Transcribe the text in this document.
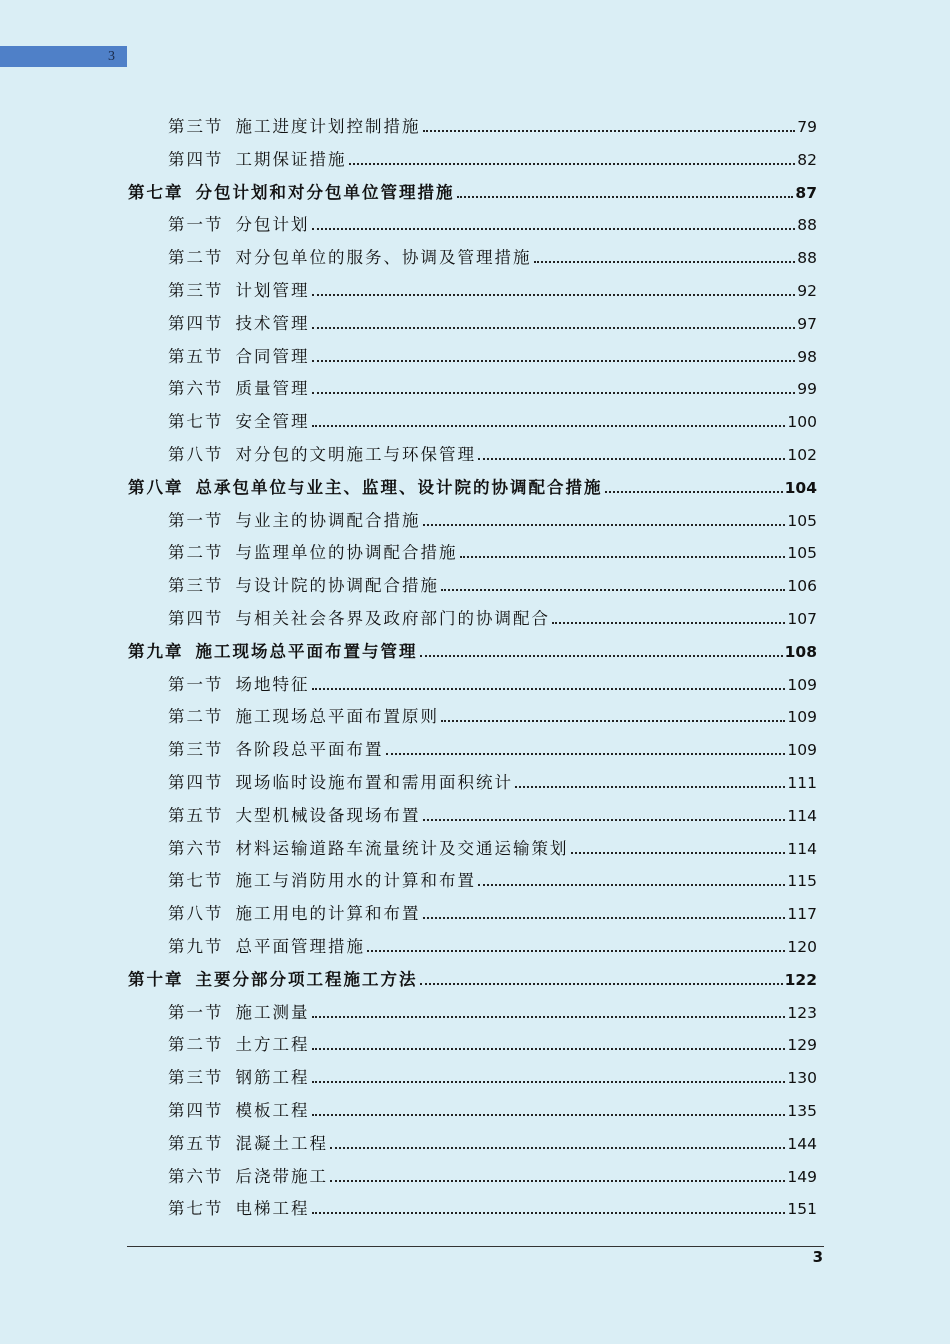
3
第三节 施工进度计划控制措施	79
第四节 工期保证措施	82
第七章 分包计划和对分包单位管理措施	87
第一节 分包计划	88
第二节 对分包单位的服务、协调及管理措施	88
第三节 计划管理	92
第四节 技术管理	97
第五节 合同管理	98
第六节 质量管理	99
第七节 安全管理	100
第八节 对分包的文明施工与环保管理	102
第八章 总承包单位与业主、监理、设计院的协调配合措施	104
第一节 与业主的协调配合措施	105
第二节 与监理单位的协调配合措施	105
第三节 与设计院的协调配合措施	106
第四节 与相关社会各界及政府部门的协调配合	107
第九章 施工现场总平面布置与管理	108
第一节 场地特征	109
第二节 施工现场总平面布置原则	109
第三节 各阶段总平面布置	109
第四节 现场临时设施布置和需用面积统计	111
第五节 大型机械设备现场布置	114
第六节 材料运输道路车流量统计及交通运输策划	114
第七节 施工与消防用水的计算和布置	115
第八节 施工用电的计算和布置	117
第九节 总平面管理措施	120
第十章 主要分部分项工程施工方法	122
第一节 施工测量	123
第二节 土方工程	129
第三节 钢筋工程	130
第四节 模板工程	135
第五节 混凝土工程	144
第六节 后浇带施工	149
第七节 电梯工程	151
3
